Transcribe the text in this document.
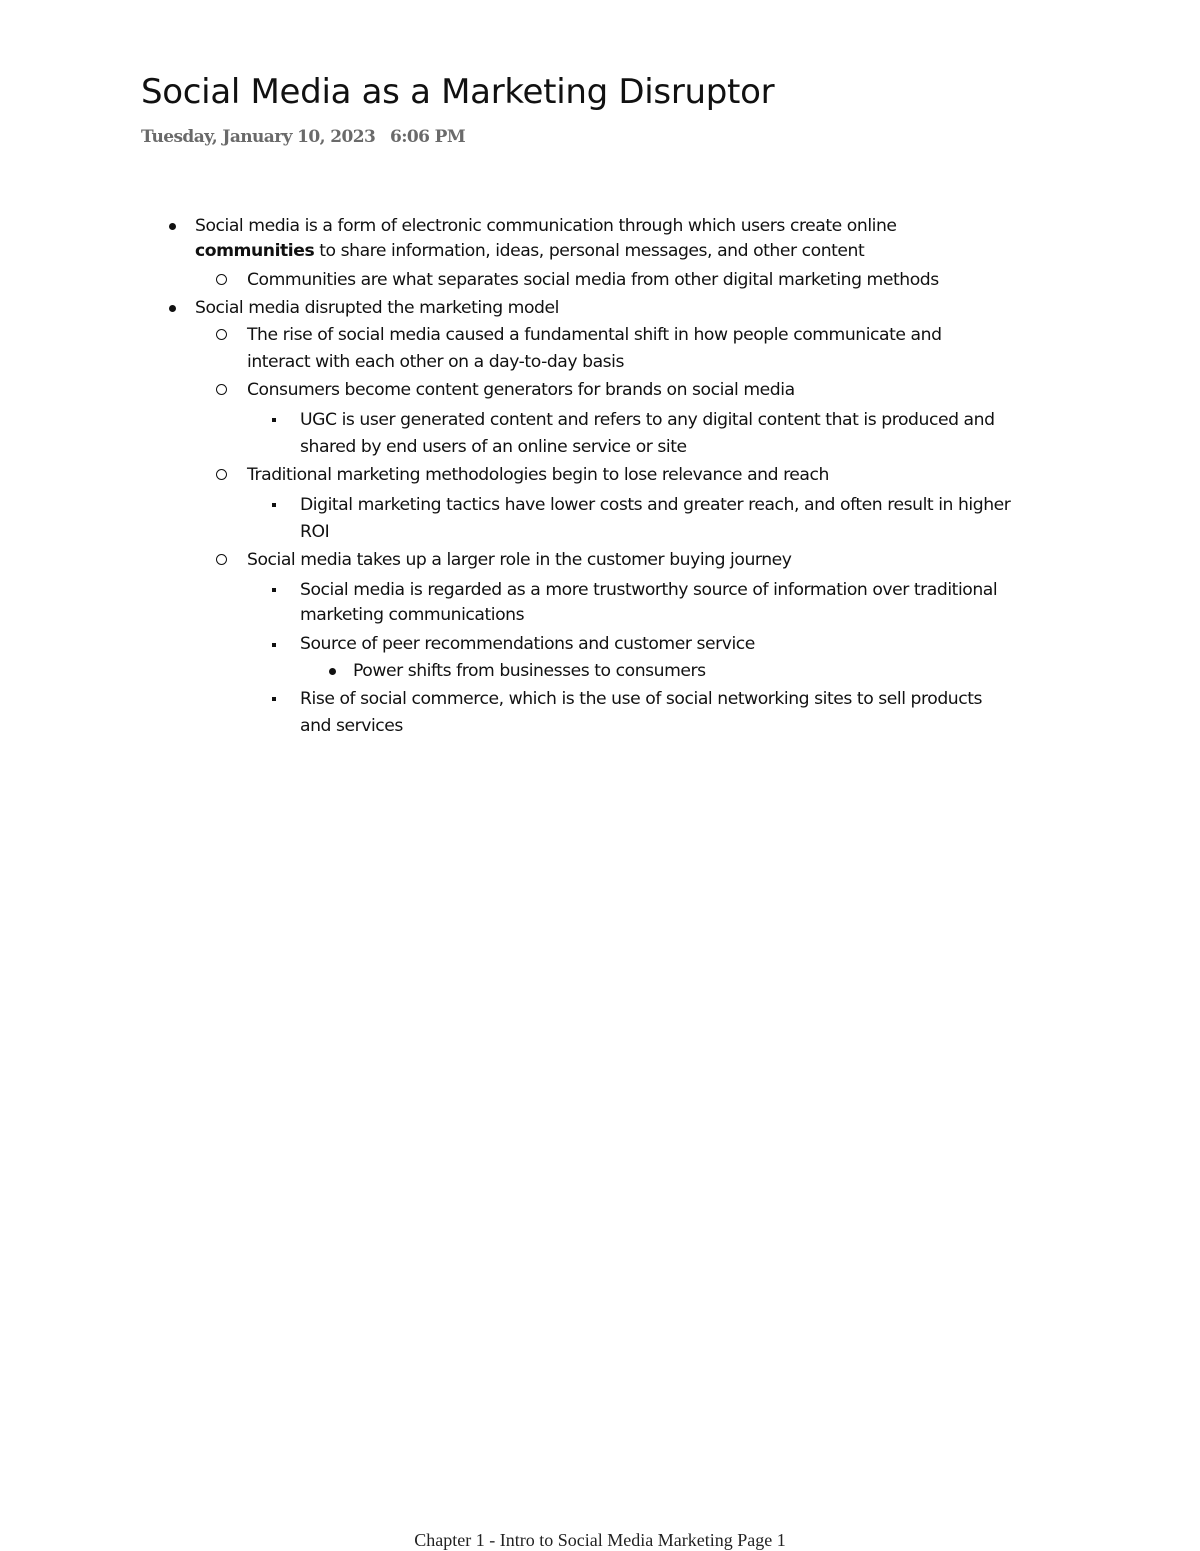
Social Media as a Marketing Disruptor
Tuesday, January 10, 2023 6:06 PM
Social media is a form of electronic communication through which users create online
communities to share information, ideas, personal messages, and other content
Communities are what separates social media from other digital marketing methods
Social media disrupted the marketing model
The rise of social media caused a fundamental shift in how people communicate and
interact with each other on a day-to-day basis
Consumers become content generators for brands on social media
UGC is user generated content and refers to any digital content that is produced and
shared by end users of an online service or site
Traditional marketing methodologies begin to lose relevance and reach
Digital marketing tactics have lower costs and greater reach, and often result in higher
ROI
Social media takes up a larger role in the customer buying journey
Social media is regarded as a more trustworthy source of information over traditional
marketing communications
Source of peer recommendations and customer service
Power shifts from businesses to consumers
Rise of social commerce, which is the use of social networking sites to sell products
and services
Chapter 1 - Intro to Social Media Marketing Page 1
